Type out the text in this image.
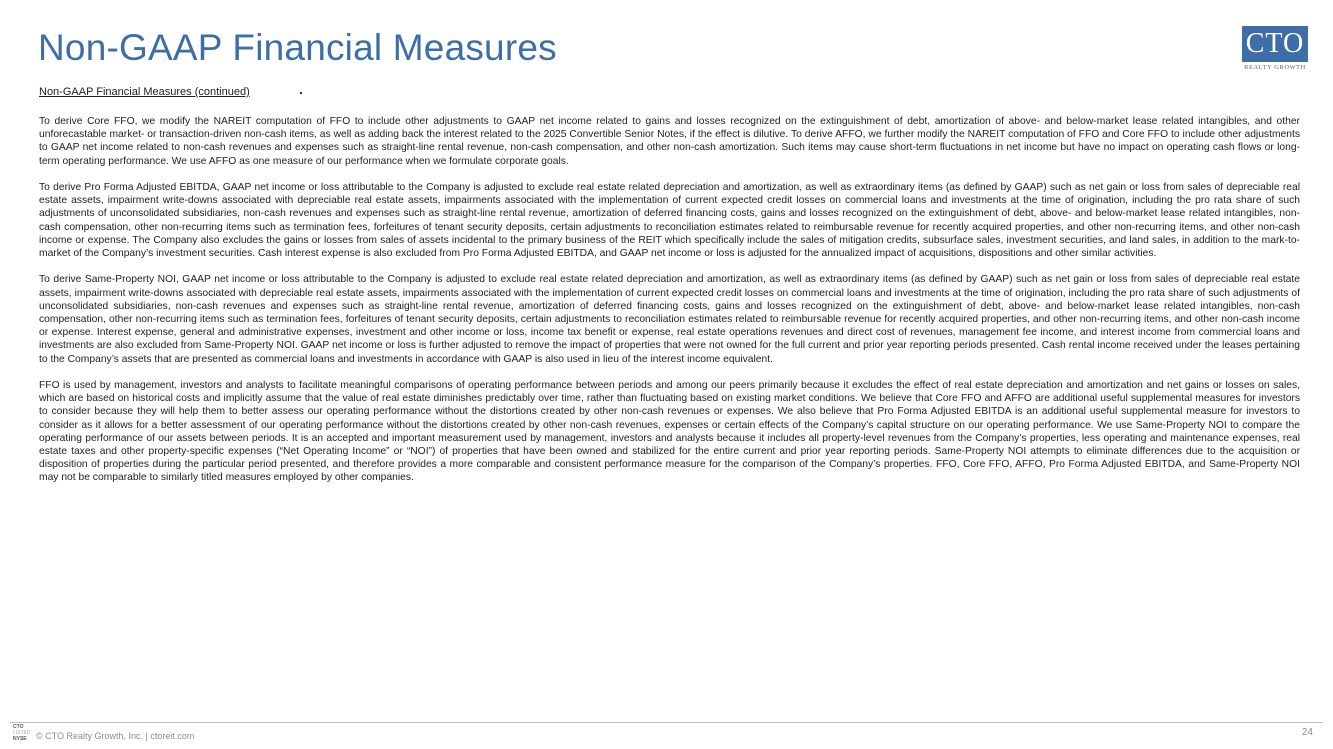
Non-GAAP Financial Measures	CTO
REALTY GROWTH
Non-GAAP Financial Measures (continued)

To derive Core FFO, we modify the NAREIT computation of FFO to include other adjustments to GAAP net income related to gains and losses recognized on the extinguishment of debt, amortization of above- and below-market lease related intangibles, and other unforecastable market- or transaction-driven non-cash items, as well as adding back the interest related to the 2025 Convertible Senior Notes, if the effect is dilutive. To derive AFFO, we further modify the NAREIT computation of FFO and Core FFO to include other adjustments to GAAP net income related to non-cash revenues and expenses such as straight-line rental revenue, non-cash compensation, and other non-cash amortization. Such items may cause short-term fluctuations in net income but have no impact on operating cash flows or long-term operating performance. We use AFFO as one measure of our performance when we formulate corporate goals.

To derive Pro Forma Adjusted EBITDA, GAAP net income or loss attributable to the Company is adjusted to exclude real estate related depreciation and amortization, as well as extraordinary items (as defined by GAAP) such as net gain or loss from sales of depreciable real estate assets, impairment write-downs associated with depreciable real estate assets, impairments associated with the implementation of current expected credit losses on commercial loans and investments at the time of origination, including the pro rata share of such adjustments of unconsolidated subsidiaries, non-cash revenues and expenses such as straight-line rental revenue, amortization of deferred financing costs, gains and losses recognized on the extinguishment of debt, above- and below-market lease related intangibles, non-cash compensation, other non-recurring items such as termination fees, forfeitures of tenant security deposits, certain adjustments to reconciliation estimates related to reimbursable revenue for recently acquired properties, and other non-recurring items, and other non-cash income or expense. The Company also excludes the gains or losses from sales of assets incidental to the primary business of the REIT which specifically include the sales of mitigation credits, subsurface sales, investment securities, and land sales, in addition to the mark-to-market of the Company’s investment securities. Cash interest expense is also excluded from Pro Forma Adjusted EBITDA, and GAAP net income or loss is adjusted for the annualized impact of acquisitions, dispositions and other similar activities.

To derive Same-Property NOI, GAAP net income or loss attributable to the Company is adjusted to exclude real estate related depreciation and amortization, as well as extraordinary items (as defined by GAAP) such as net gain or loss from sales of depreciable real estate assets, impairment write-downs associated with depreciable real estate assets, impairments associated with the implementation of current expected credit losses on commercial loans and investments at the time of origination, including the pro rata share of such adjustments of unconsolidated subsidiaries, non-cash revenues and expenses such as straight-line rental revenue, amortization of deferred financing costs, gains and losses recognized on the extinguishment of debt, above- and below-market lease related intangibles, non-cash compensation, other non-recurring items such as termination fees, forfeitures of tenant security deposits, certain adjustments to reconciliation estimates related to reimbursable revenue for recently acquired properties, and other non-recurring items, and other non-cash income or expense. Interest expense, general and administrative expenses, investment and other income or loss, income tax benefit or expense, real estate operations revenues and direct cost of revenues, management fee income, and interest income from commercial loans and investments are also excluded from Same-Property NOI. GAAP net income or loss is further adjusted to remove the impact of properties that were not owned for the full current and prior year reporting periods presented. Cash rental income received under the leases pertaining to the Company’s assets that are presented as commercial loans and investments in accordance with GAAP is also used in lieu of the interest income equivalent.

FFO is used by management, investors and analysts to facilitate meaningful comparisons of operating performance between periods and among our peers primarily because it excludes the effect of real estate depreciation and amortization and net gains or losses on sales, which are based on historical costs and implicitly assume that the value of real estate diminishes predictably over time, rather than fluctuating based on existing market conditions. We believe that Core FFO and AFFO are additional useful supplemental measures for investors to consider because they will help them to better assess our operating performance without the distortions created by other non-cash revenues or expenses. We also believe that Pro Forma Adjusted EBITDA is an additional useful supplemental measure for investors to consider as it allows for a better assessment of our operating performance without the distortions created by other non-cash revenues, expenses or certain effects of the Company’s capital structure on our operating performance. We use Same-Property NOI to compare the operating performance of our assets between periods. It is an accepted and important measurement used by management, investors and analysts because it includes all property-level revenues from the Company’s properties, less operating and maintenance expenses, real estate taxes and other property-specific expenses (“Net Operating Income” or “NOI”) of properties that have been owned and stabilized for the entire current and prior year reporting periods. Same-Property NOI attempts to eliminate differences due to the acquisition or disposition of properties during the particular period presented, and therefore provides a more comparable and consistent performance measure for the comparison of the Company’s properties. FFO, Core FFO, AFFO, Pro Forma Adjusted EBITDA, and Same-Property NOI may not be comparable to similarly titled measures employed by other companies.

CTO
LISTED
NYSE	© CTO Realty Growth, Inc. | ctoreit.com	24
